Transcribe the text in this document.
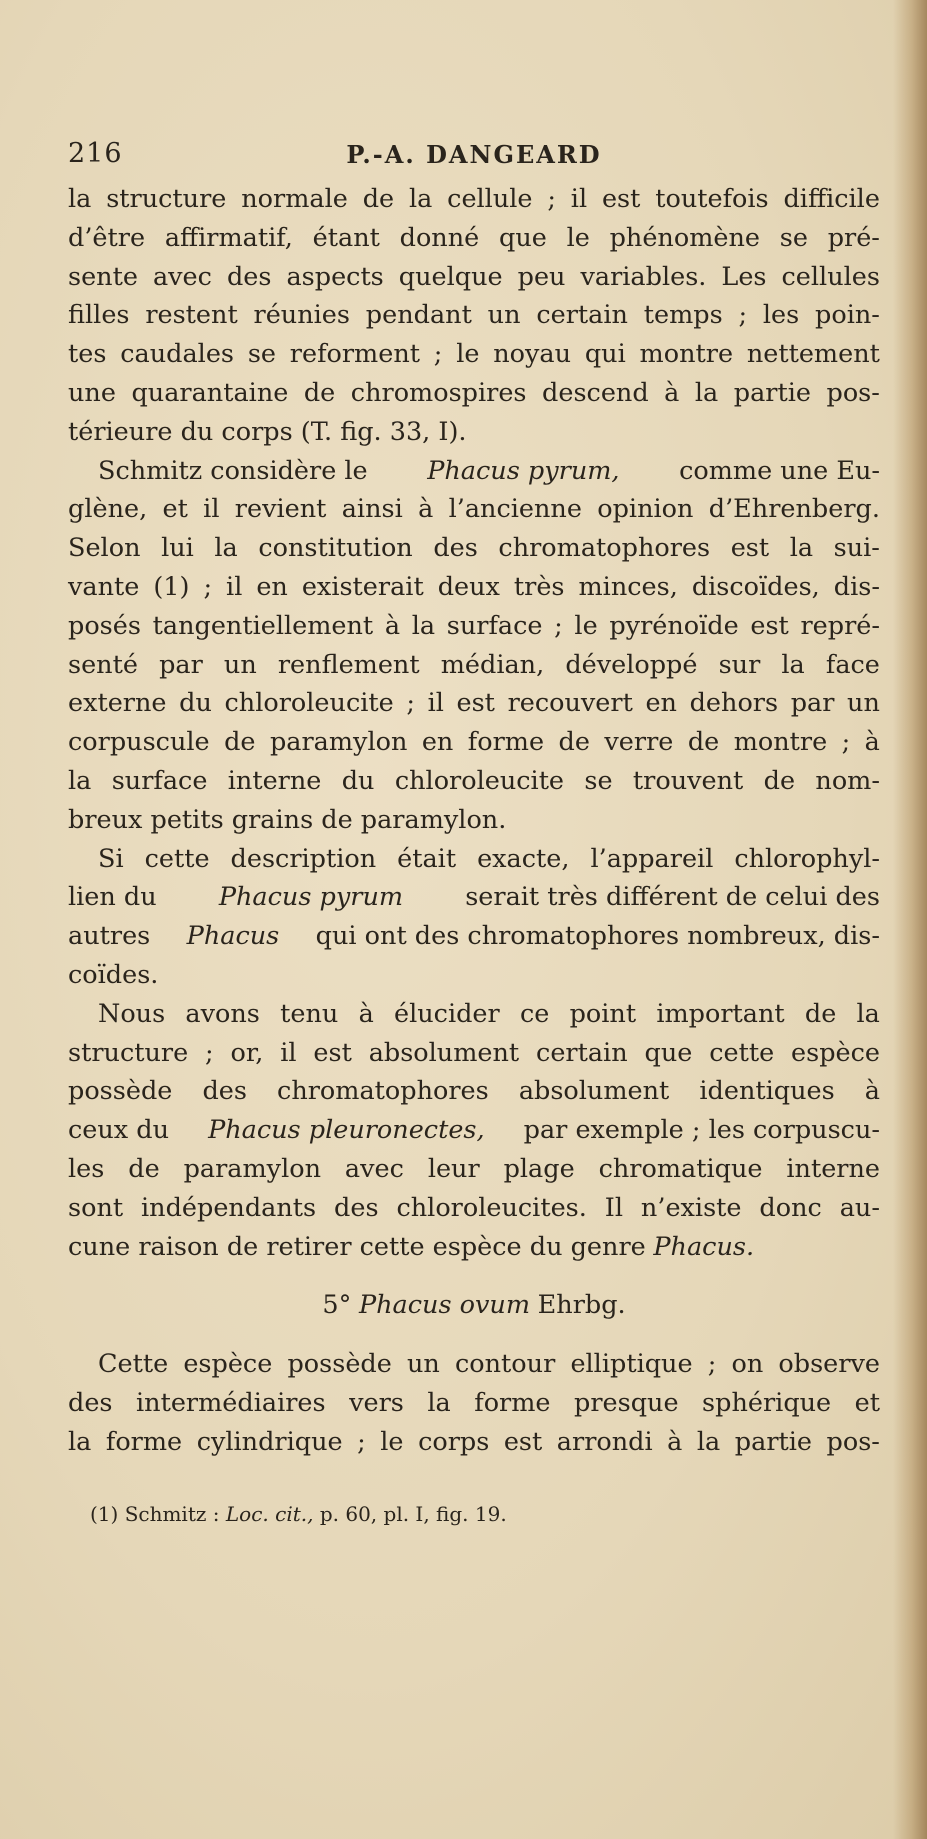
216	P.-A. DANGEARD
la structure normale de la cellule ; il est toutefois difficile
d’être affirmatif, étant donné que le phénomène se pré-
sente avec des aspects quelque peu variables. Les cellules
filles restent réunies pendant un certain temps ; les poin-
tes caudales se reforment ; le noyau qui montre nettement
une quarantaine de chromospires descend à la partie pos-
térieure du corps (T. fig. 33, I).
Schmitz considère le Phacus pyrum, comme une Eu-
glène, et il revient ainsi à l’ancienne opinion d’Ehrenberg.
Selon lui la constitution des chromatophores est la sui-
vante (1) ; il en existerait deux très minces, discoïdes, dis-
posés tangentiellement à la surface ; le pyrénoïde est repré-
senté par un renflement médian, développé sur la face
externe du chloroleucite ; il est recouvert en dehors par un
corpuscule de paramylon en forme de verre de montre ; à
la surface interne du chloroleucite se trouvent de nom-
breux petits grains de paramylon.
Si cette description était exacte, l’appareil chlorophyl-
lien du Phacus pyrum serait très différent de celui des
autres Phacus qui ont des chromatophores nombreux, dis-
coïdes.
Nous avons tenu à élucider ce point important de la
structure ; or, il est absolument certain que cette espèce
possède des chromatophores absolument identiques à
ceux du Phacus pleuronectes, par exemple ; les corpuscu-
les de paramylon avec leur plage chromatique interne
sont indépendants des chloroleucites. Il n’existe donc au-
cune raison de retirer cette espèce du genre Phacus.
5° Phacus ovum Ehrbg.
Cette espèce possède un contour elliptique ; on observe
des intermédiaires vers la forme presque sphérique et
la forme cylindrique ; le corps est arrondi à la partie pos-
(1) Schmitz : Loc. cit., p. 60, pl. I, fig. 19.
